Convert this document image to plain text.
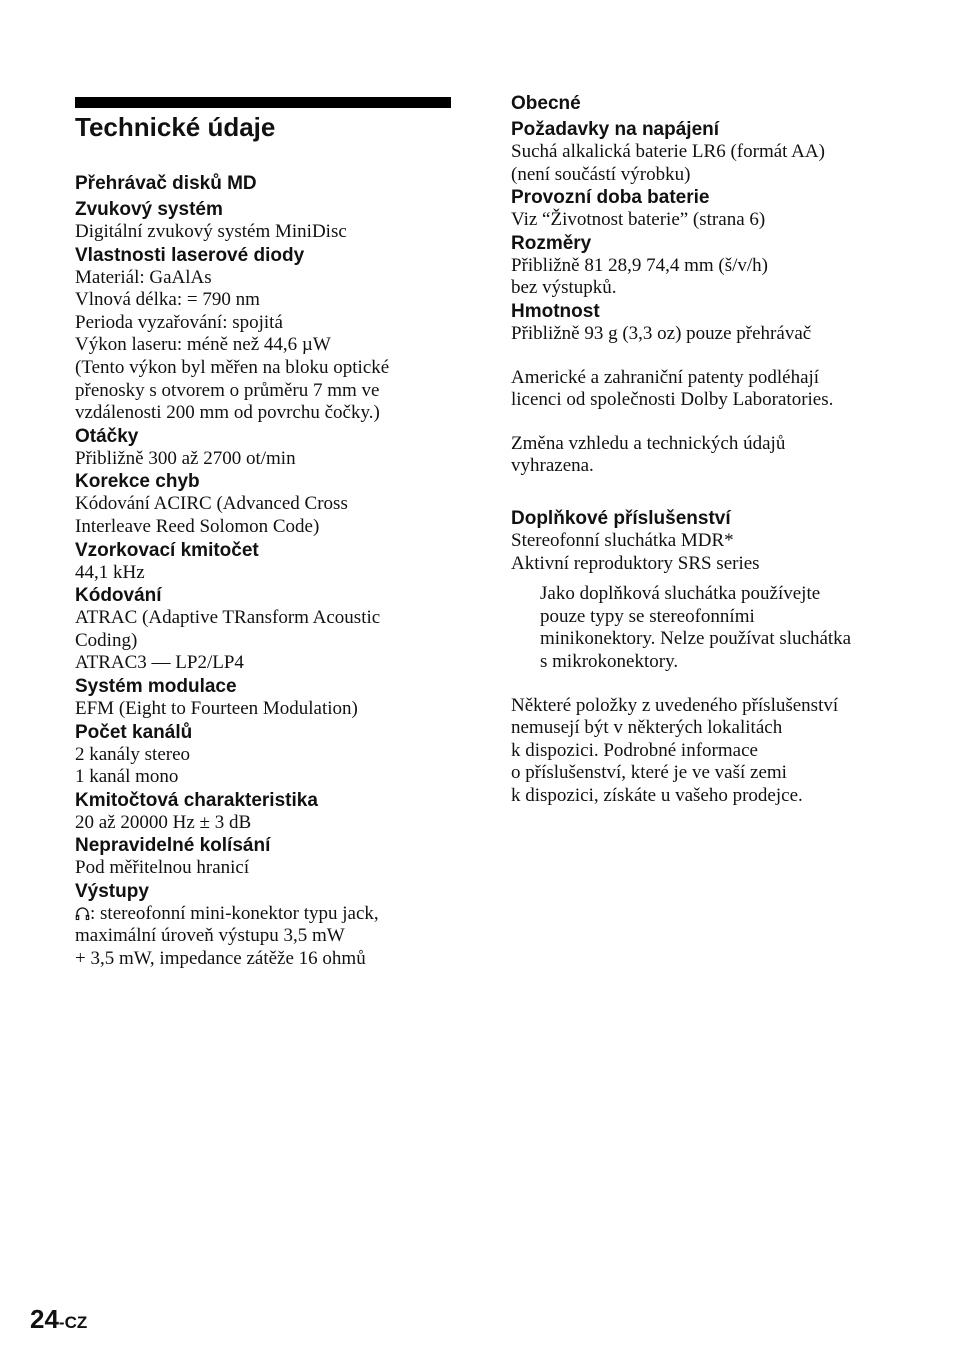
Technické údaje

Přehrávač disků MD

Zvukový systém

Digitální zvukový systém MiniDisc

Vlastnosti laserové diody

Materiál: GaAlAs

Vlnová délka: = 790 nm

Perioda vyzařování: spojitá

Výkon laseru: méně než 44,6 µW

(Tento výkon byl měřen na bloku optické

přenosky s otvorem o průměru 7 mm ve

vzdálenosti 200 mm od povrchu čočky.)

Otáčky

Přibližně 300 až 2700 ot/min

Korekce chyb

Kódování ACIRC (Advanced Cross

Interleave Reed Solomon Code)

Vzorkovací kmitočet

44,1 kHz

Kódování

ATRAC (Adaptive TRansform Acoustic

Coding)

ATRAC3 — LP2/LP4

Systém modulace

EFM (Eight to Fourteen Modulation)

Počet kanálů

2 kanály stereo

1 kanál mono

Kmitočtová charakteristika

20 až 20000 Hz ± 3 dB

Nepravidelné kolísání

Pod měřitelnou hranicí

Výstupy

: stereofonní mini-konektor typu jack,

maximální úroveň výstupu 3,5 mW

+ 3,5 mW, impedance zátěže 16 ohmů

Obecné

Požadavky na napájení

Suchá alkalická baterie LR6 (formát AA)

(není součástí výrobku)

Provozní doba baterie

Viz “Životnost baterie” (strana 6)

Rozměry

Přibližně 81 28,9 74,4 mm (š/v/h)

bez výstupků.

Hmotnost

Přibližně 93 g (3,3 oz) pouze přehrávač

Americké a zahraniční patenty podléhají

licenci od společnosti Dolby Laboratories.

Změna vzhledu a technických údajů

vyhrazena.

Doplňkové příslušenství

Stereofonní sluchátka MDR*

Aktivní reproduktory SRS series

Jako doplňková sluchátka používejte

pouze typy se stereofonními

minikonektory. Nelze používat sluchátka

s mikrokonektory.

Některé položky z uvedeného příslušenství

nemusejí být v některých lokalitách

k dispozici. Podrobné informace

o příslušenství, které je ve vaší zemi

k dispozici, získáte u vašeho prodejce.

24-CZ
